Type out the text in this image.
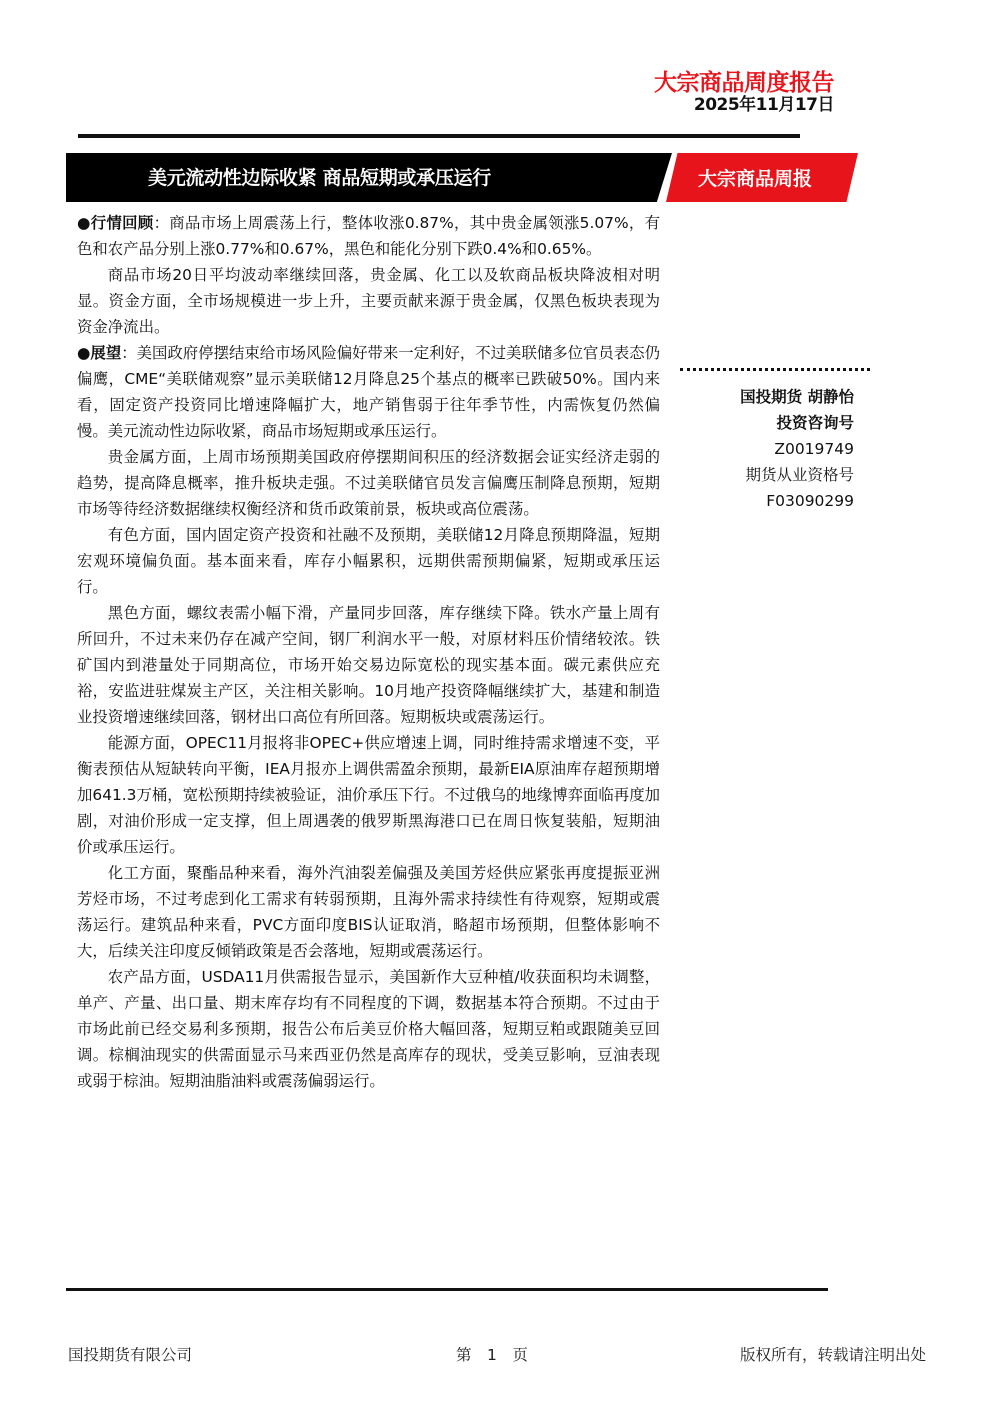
大宗商品周度报告
2025年11月17日
美元流动性边际收紧 商品短期或承压运行	大宗商品周报

●行情回顾：商品市场上周震荡上行，整体收涨0.87%，其中贵金属领涨5.07%，有色和农产品分别上涨0.77%和0.67%，黑色和能化分别下跌0.4%和0.65%。

商品市场20日平均波动率继续回落，贵金属、化工以及软商品板块降波相对明显。资金方面，全市场规模进一步上升，主要贡献来源于贵金属，仅黑色板块表现为资金净流出。

●展望：美国政府停摆结束给市场风险偏好带来一定利好，不过美联储多位官员表态仍偏鹰，CME“美联储观察”显示美联储12月降息25个基点的概率已跌破50%。国内来看，固定资产投资同比增速降幅扩大，地产销售弱于往年季节性，内需恢复仍然偏慢。美元流动性边际收紧，商品市场短期或承压运行。

贵金属方面，上周市场预期美国政府停摆期间积压的经济数据会证实经济走弱的趋势，提高降息概率，推升板块走强。不过美联储官员发言偏鹰压制降息预期，短期市场等待经济数据继续权衡经济和货币政策前景，板块或高位震荡。

有色方面，国内固定资产投资和社融不及预期，美联储12月降息预期降温，短期宏观环境偏负面。基本面来看，库存小幅累积，远期供需预期偏紧，短期或承压运行。

黑色方面，螺纹表需小幅下滑，产量同步回落，库存继续下降。铁水产量上周有所回升，不过未来仍存在减产空间，钢厂利润水平一般，对原材料压价情绪较浓。铁矿国内到港量处于同期高位，市场开始交易边际宽松的现实基本面。碳元素供应充裕，安监进驻煤炭主产区，关注相关影响。10月地产投资降幅继续扩大，基建和制造业投资增速继续回落，钢材出口高位有所回落。短期板块或震荡运行。

能源方面，OPEC11月报将非OPEC+供应增速上调，同时维持需求增速不变，平衡表预估从短缺转向平衡，IEA月报亦上调供需盈余预期，最新EIA原油库存超预期增加641.3万桶，宽松预期持续被验证，油价承压下行。不过俄乌的地缘博弈面临再度加剧，对油价形成一定支撑，但上周遇袭的俄罗斯黑海港口已在周日恢复装船，短期油价或承压运行。

化工方面，聚酯品种来看，海外汽油裂差偏强及美国芳烃供应紧张再度提振亚洲芳烃市场，不过考虑到化工需求有转弱预期，且海外需求持续性有待观察，短期或震荡运行。建筑品种来看，PVC方面印度BIS认证取消，略超市场预期，但整体影响不大，后续关注印度反倾销政策是否会落地，短期或震荡运行。

农产品方面，USDA11月供需报告显示，美国新作大豆种植/收获面积均未调整，单产、产量、出口量、期末库存均有不同程度的下调，数据基本符合预期。不过由于市场此前已经交易利多预期，报告公布后美豆价格大幅回落，短期豆粕或跟随美豆回调。棕榈油现实的供需面显示马来西亚仍然是高库存的现状，受美豆影响，豆油表现或弱于棕油。短期油脂油料或震荡偏弱运行。

国投期货 胡静怡
投资咨询号
Z0019749
期货从业资格号
F03090299
国投期货有限公司	第　1　页	版权所有，转载请注明出处
